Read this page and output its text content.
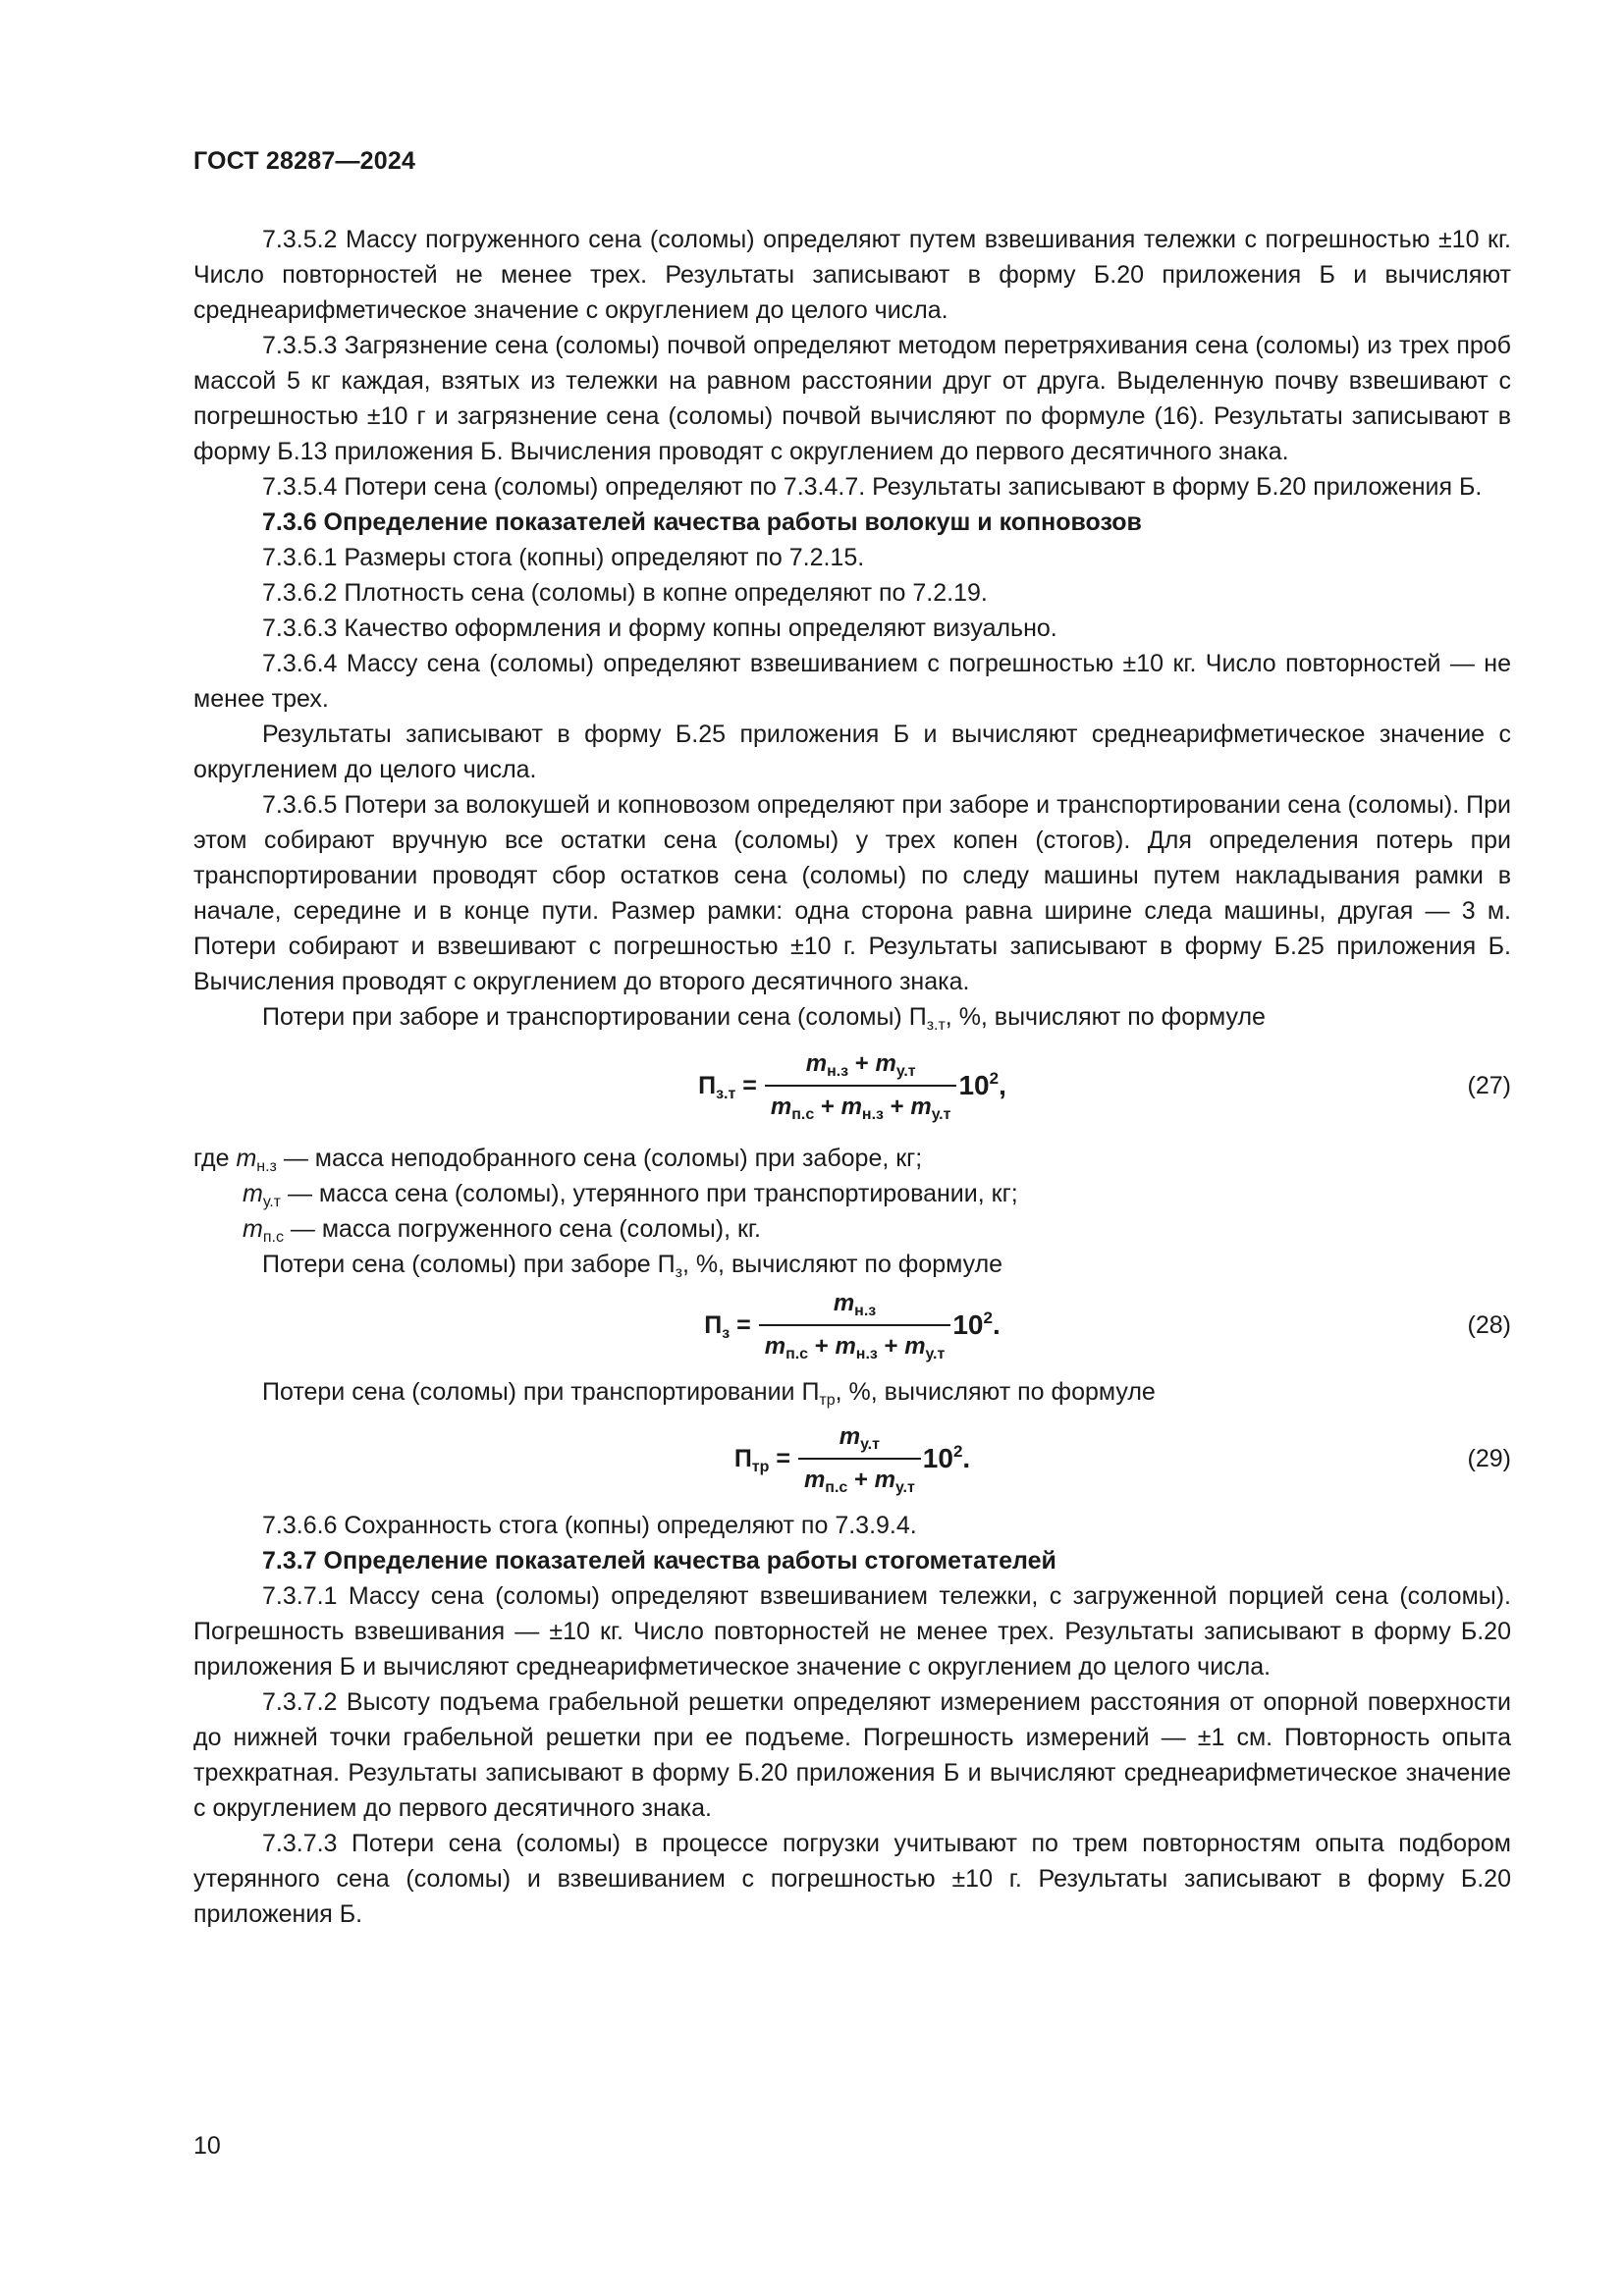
ГОСТ 28287—2024

7.3.5.2 Массу погруженного сена (соломы) определяют путем взвешивания тележки с погрешностью ±10 кг. Число повторностей не менее трех. Результаты записывают в форму Б.20 приложения Б и вычисляют среднеарифметическое значение с округлением до целого числа.

7.3.5.3 Загрязнение сена (соломы) почвой определяют методом перетряхивания сена (соломы) из трех проб массой 5 кг каждая, взятых из тележки на равном расстоянии друг от друга. Выделенную почву взвешивают с погрешностью ±10 г и загрязнение сена (соломы) почвой вычисляют по формуле (16). Результаты записывают в форму Б.13 приложения Б. Вычисления проводят с округлением до первого десятичного знака.

7.3.5.4 Потери сена (соломы) определяют по 7.3.4.7. Результаты записывают в форму Б.20 приложения Б.

7.3.6 Определение показателей качества работы волокуш и копновозов

7.3.6.1 Размеры стога (копны) определяют по 7.2.15.

7.3.6.2 Плотность сена (соломы) в копне определяют по 7.2.19.

7.3.6.3 Качество оформления и форму копны определяют визуально.

7.3.6.4 Массу сена (соломы) определяют взвешиванием с погрешностью ±10 кг. Число повторностей — не менее трех.

Результаты записывают в форму Б.25 приложения Б и вычисляют среднеарифметическое значение с округлением до целого числа.

7.3.6.5 Потери за волокушей и копновозом определяют при заборе и транспортировании сена (соломы). При этом собирают вручную все остатки сена (соломы) у трех копен (стогов). Для определения потерь при транспортировании проводят сбор остатков сена (соломы) по следу машины путем накладывания рамки в начале, середине и в конце пути. Размер рамки: одна сторона равна ширине следа машины, другая — 3 м. Потери собирают и взвешивают с погрешностью ±10 г. Результаты записывают в форму Б.25 приложения Б. Вычисления проводят с округлением до второго десятичного знака.

Потери при заборе и транспортировании сена (соломы) $П_{з.т}$, %, вычисляют по формуле

$П_{з.т} = \frac{m_{н.з} + m_{у.т}}{m_{п.с} + m_{н.з} + m_{у.т}} 10^2$,	(27)
где $m_{н.з}$ — масса неподобранного сена (соломы) при заборе, кг;
$m_{у.т}$ — масса сена (соломы), утерянного при транспортировании, кг;
$m_{п.с}$ — масса погруженного сена (соломы), кг.

Потери сена (соломы) при заборе $П_з$, %, вычисляют по формуле

$П_з = \frac{m_{н.з}}{m_{п.с} + m_{н.з} + m_{у.т}} 10^2$.	(28)

Потери сена (соломы) при транспортировании $П_{тр}$, %, вычисляют по формуле

$П_{тр} = \frac{m_{у.т}}{m_{п.с} + m_{у.т}} 10^2$.	(29)

7.3.6.6 Сохранность стога (копны) определяют по 7.3.9.4.

7.3.7 Определение показателей качества работы стогометателей

7.3.7.1 Массу сена (соломы) определяют взвешиванием тележки, с загруженной порцией сена (соломы). Погрешность взвешивания — ±10 кг. Число повторностей не менее трех. Результаты записывают в форму Б.20 приложения Б и вычисляют среднеарифметическое значение с округлением до целого числа.

7.3.7.2 Высоту подъема грабельной решетки определяют измерением расстояния от опорной поверхности до нижней точки грабельной решетки при ее подъеме. Погрешность измерений — ±1 см. Повторность опыта трехкратная. Результаты записывают в форму Б.20 приложения Б и вычисляют среднеарифметическое значение с округлением до первого десятичного знака.

7.3.7.3 Потери сена (соломы) в процессе погрузки учитывают по трем повторностям опыта подбором утерянного сена (соломы) и взвешиванием с погрешностью ±10 г. Результаты записывают в форму Б.20 приложения Б.

10
